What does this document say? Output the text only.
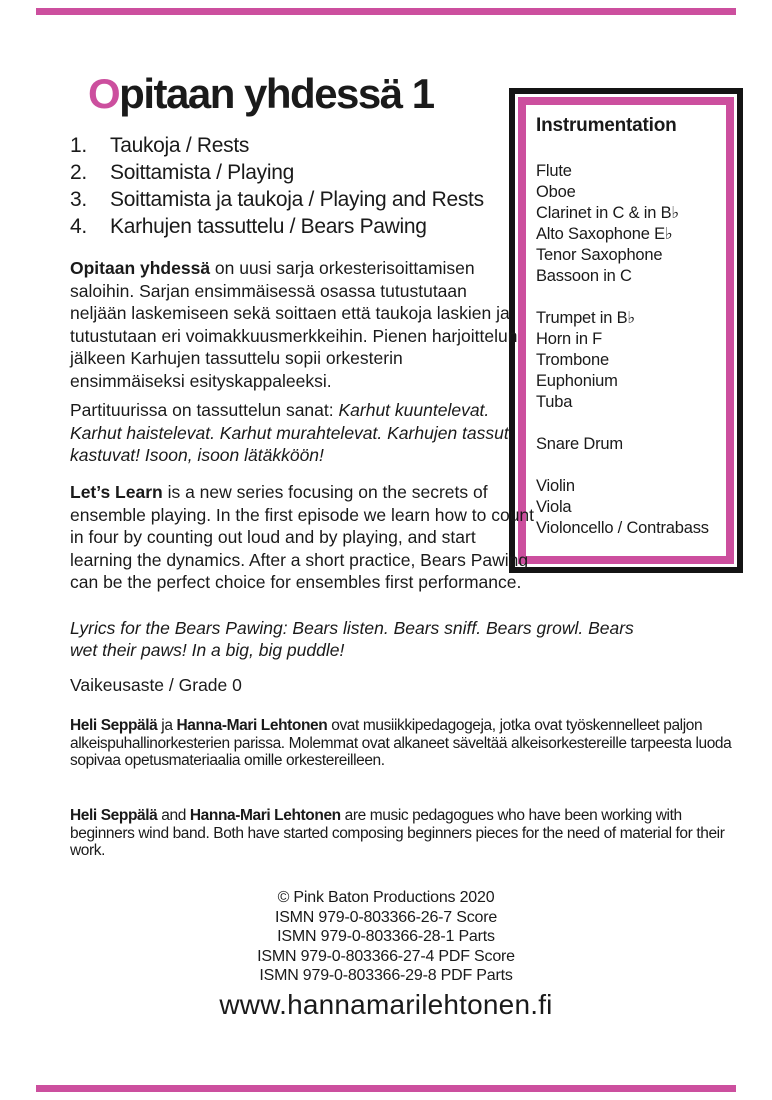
Opitaan yhdessä 1
1.	Taukoja / Rests
2.	Soittamista / Playing
3.	Soittamista ja taukoja / Playing and Rests
4.	Karhujen tassuttelu / Bears Pawing
Instrumentation
Flute
Oboe
Clarinet in C & in B♭
Alto Saxophone E♭
Tenor Saxophone
Bassoon in C
Trumpet in B♭
Horn in F
Trombone
Euphonium
Tuba
Snare Drum
Violin
Viola
Violoncello / Contrabass

Opitaan yhdessä on uusi sarja orkesterisoittamisen saloihin. Sarjan ensimmäisessä osassa tutustutaan neljään laskemiseen sekä soittaen että taukoja laskien ja tutustutaan eri voimakkuusmerkkeihin. Pienen harjoittelun jälkeen Karhujen tassuttelu sopii orkesterin ensimmäiseksi esityskappaleeksi.

Partituurissa on tassuttelun sanat: Karhut kuuntelevat. Karhut haistelevat. Karhut murahtelevat. Karhujen tassut kastuvat! Isoon, isoon lätäkköön!

Let’s Learn is a new series focusing on the secrets of ensemble playing. In the first episode we learn how to count in four by counting out loud and by playing, and start learning the dynamics. After a short practice, Bears Pawing can be the perfect choice for ensembles first performance.

Lyrics for the Bears Pawing: Bears listen. Bears sniff. Bears growl. Bears wet their paws! In a big, big puddle!

Vaikeusaste / Grade 0

Heli Seppälä ja Hanna-Mari Lehtonen ovat musiikkipedagogeja, jotka ovat työskennelleet paljon alkeispuhallinorkesterien parissa. Molemmat ovat alkaneet säveltää alkeisorkestereille tarpeesta luoda sopivaa opetusmateriaalia omille orkestereilleen.

Heli Seppälä and Hanna-Mari Lehtonen are music pedagogues who have been working with beginners wind band. Both have started composing beginners pieces for the need of material for their work.

© Pink Baton Productions 2020
ISMN 979-0-803366-26-7 Score
ISMN 979-0-803366-28-1 Parts
ISMN 979-0-803366-27-4 PDF Score
ISMN 979-0-803366-29-8 PDF Parts
www.hannamarilehtonen.fi
